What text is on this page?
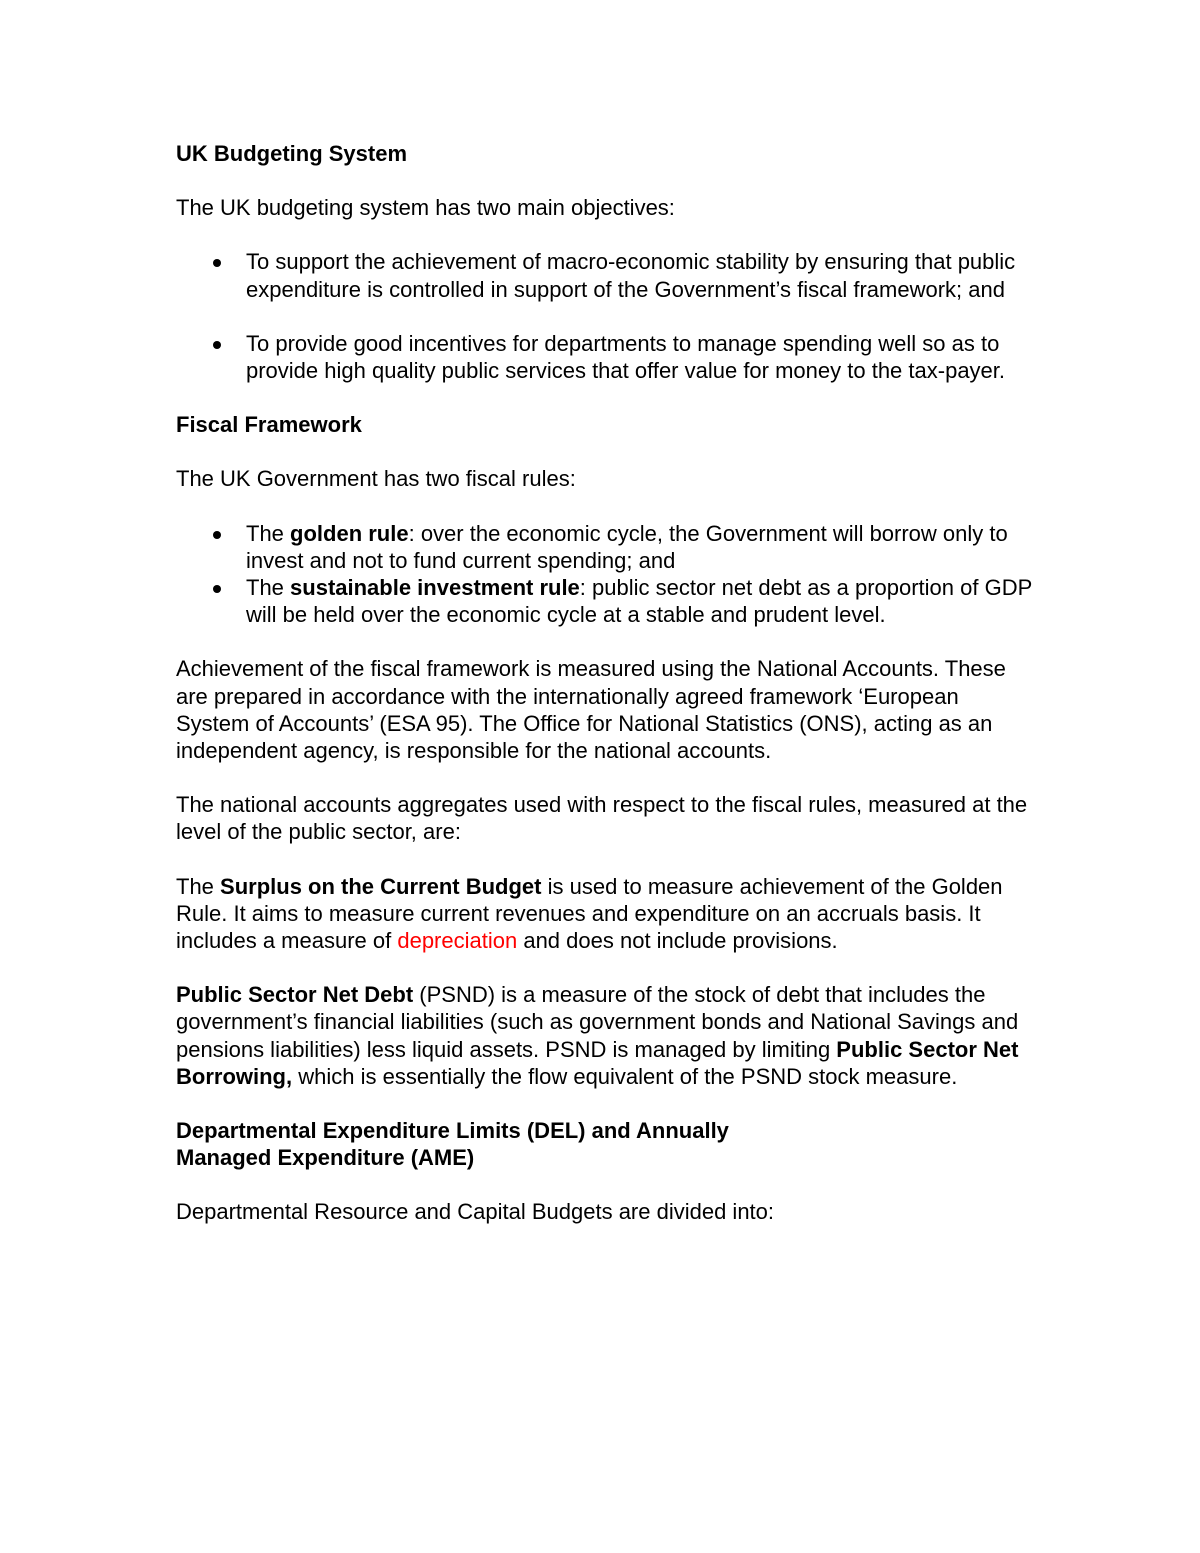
UK Budgeting System

The UK budgeting system has two main objectives:

To support the achievement of macro-economic stability by ensuring that public expenditure is controlled in support of the Government’s fiscal framework; and
To provide good incentives for departments to manage spending well so as to provide high quality public services that offer value for money to the tax-payer.

Fiscal Framework

The UK Government has two fiscal rules:

The golden rule: over the economic cycle, the Government will borrow only to invest and not to fund current spending; and
The sustainable investment rule: public sector net debt as a proportion of GDP will be held over the economic cycle at a stable and prudent level.

Achievement of the fiscal framework is measured using the National Accounts. These are prepared in accordance with the internationally agreed framework ‘European System of Accounts’ (ESA 95). The Office for National Statistics (ONS), acting as an independent agency, is responsible for the national accounts.

The national accounts aggregates used with respect to the fiscal rules, measured at the level of the public sector, are:

The Surplus on the Current Budget is used to measure achievement of the Golden Rule. It aims to measure current revenues and expenditure on an accruals basis. It includes a measure of depreciation and does not include provisions.

Public Sector Net Debt (PSND) is a measure of the stock of debt that includes the government’s financial liabilities (such as government bonds and National Savings and pensions liabilities) less liquid assets. PSND is managed by limiting Public Sector Net Borrowing, which is essentially the flow equivalent of the PSND stock measure.

Departmental Expenditure Limits (DEL) and Annually

Managed Expenditure (AME)

Departmental Resource and Capital Budgets are divided into:
